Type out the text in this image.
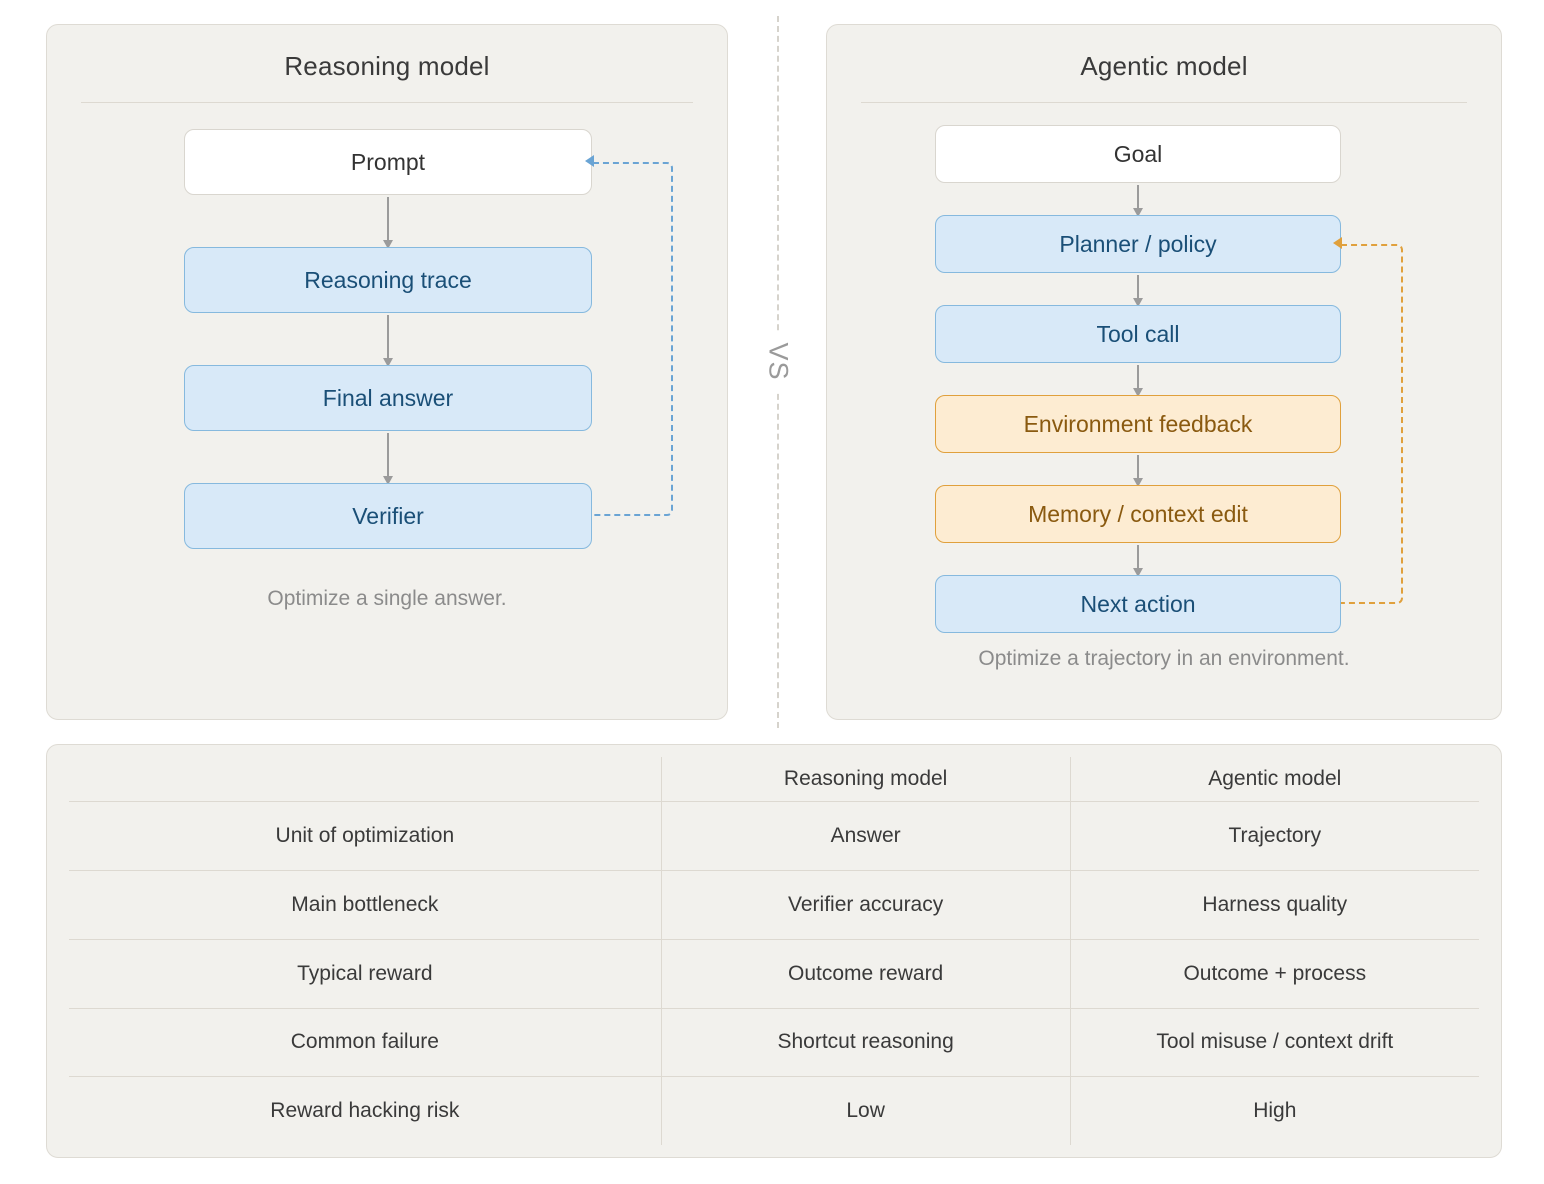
Reasoning model
Prompt
Reasoning trace
Final answer
Verifier
Optimize a single answer.
VS
Agentic model
Goal
Planner / policy
Tool call
Environment feedback
Memory / context edit
Next action
Optimize a trajectory in an environment.
	Reasoning model	Agentic model
Unit of optimization	Answer	Trajectory
Main bottleneck	Verifier accuracy	Harness quality
Typical reward	Outcome reward	Outcome + process
Common failure	Shortcut reasoning	Tool misuse / context drift
Reward hacking risk	Low	High
